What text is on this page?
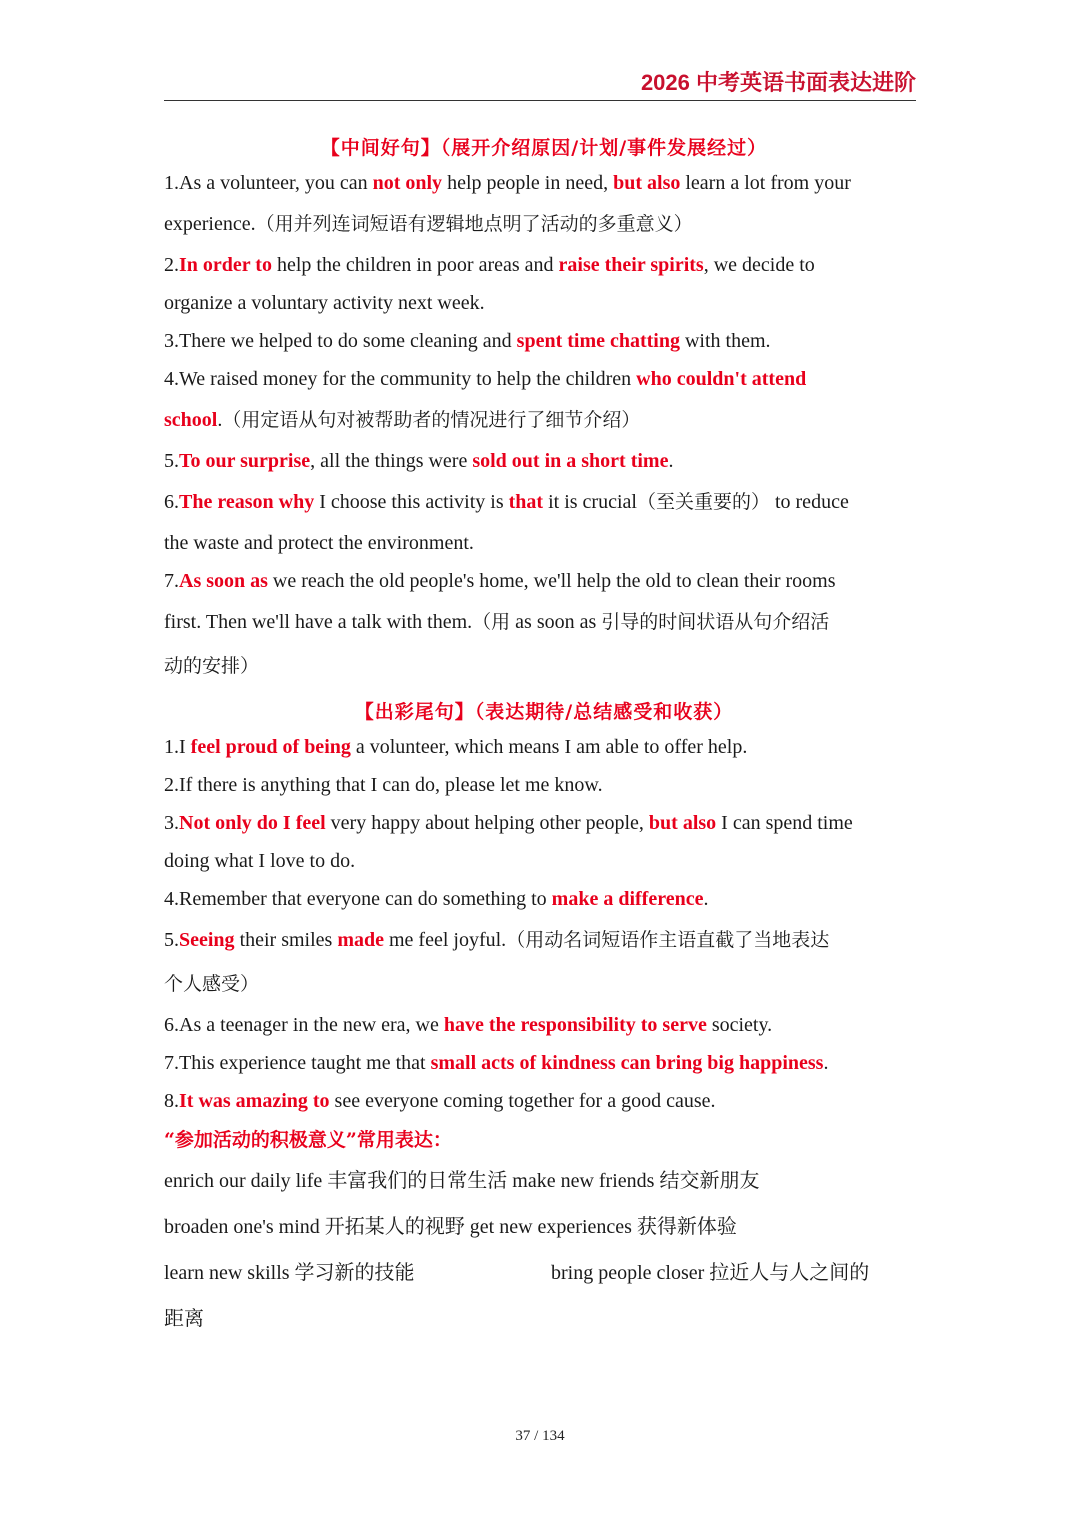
2026 中考英语书面表达进阶
【中间好句】（展开介绍原因/计划/事件发展经过）
1.As a volunteer, you can not only help people in need, but also learn a lot from your
experience.（用并列连词短语有逻辑地点明了活动的多重意义）
2.In order to help the children in poor areas and raise their spirits, we decide to
organize a voluntary activity next week.
3.There we helped to do some cleaning and spent time chatting with them.
4.We raised money for the community to help the children who couldn't attend
school.（用定语从句对被帮助者的情况进行了细节介绍）
5.To our surprise, all the things were sold out in a short time.
6.The reason why I choose this activity is that it is crucial（至关重要的） to reduce
the waste and protect the environment.
7.As soon as we reach the old people's home, we'll help the old to clean their rooms
first. Then we'll have a talk with them.（用 as soon as 引导的时间状语从句介绍活
动的安排）
【出彩尾句】（表达期待/总结感受和收获）
1.I feel proud of being a volunteer, which means I am able to offer help.
2.If there is anything that I can do, please let me know.
3.Not only do I feel very happy about helping other people, but also I can spend time
doing what I love to do.
4.Remember that everyone can do something to make a difference.
5.Seeing their smiles made me feel joyful.（用动名词短语作主语直截了当地表达
个人感受）
6.As a teenager in the new era, we have the responsibility to serve society.
7.This experience taught me that small acts of kindness can bring big happiness.
8.It was amazing to see everyone coming together for a good cause.
“参加活动的积极意义”常用表达：
enrich our daily life 丰富我们的日常生活 make new friends 结交新朋友
broaden one's mind 开拓某人的视野 get new experiences 获得新体验
learn new skills 学习新的技能	bring people closer 拉近人与人之间的
距离
37 / 134
